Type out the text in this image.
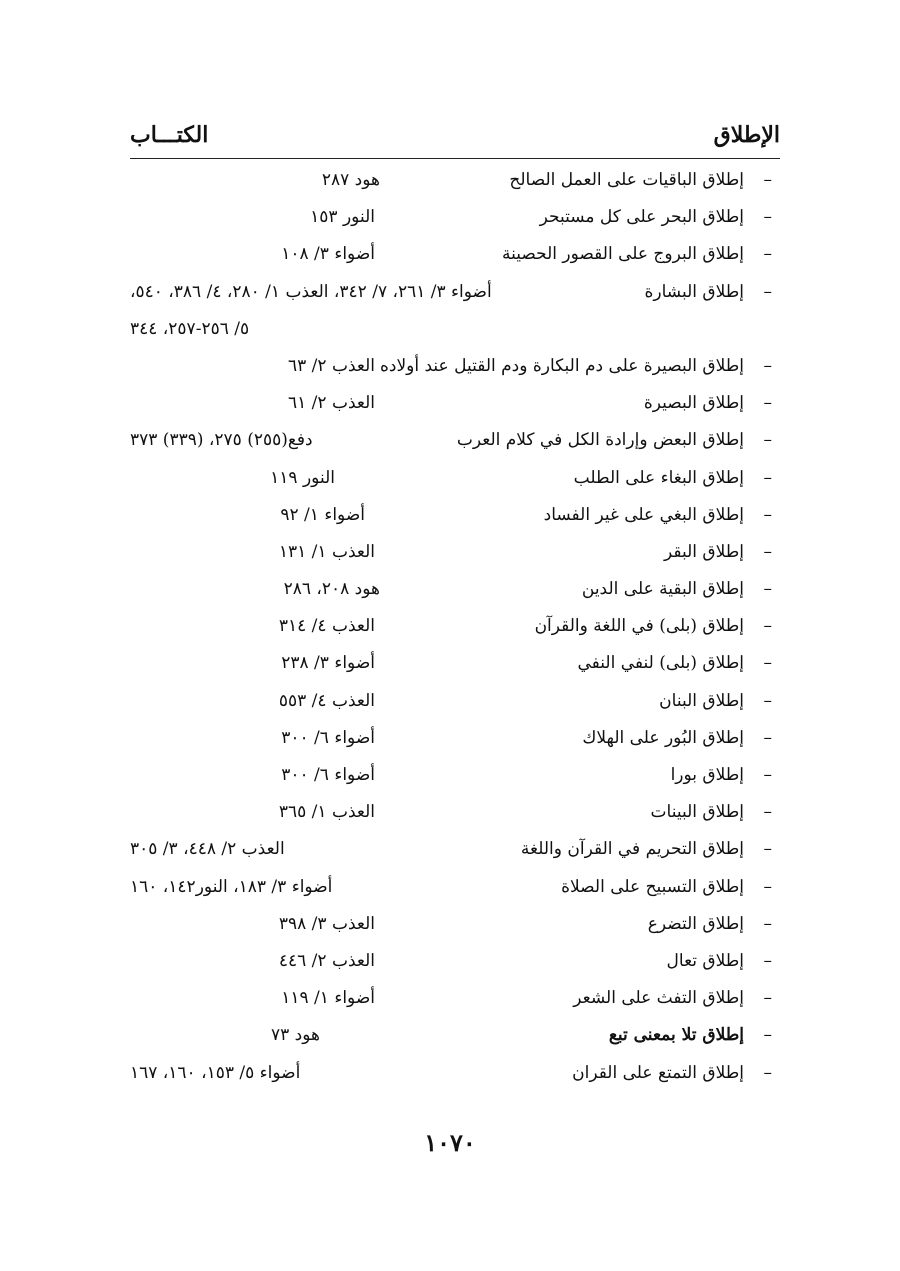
الإطلاق
الكتـــاب
–
إطلاق الباقيات على العمل الصالح
هود ٢٨٧
–
إطلاق البحر على كل مستبحر
النور ١٥٣
–
إطلاق البروج على القصور الحصينة
أضواء ٣/ ١٠٨
–
إطلاق البشارة
أضواء ٣/ ٢٦١، ٧/ ٣٤٢، العذب ١/ ٢٨٠، ٤/ ٣٨٦، ٥٤٠،
٥/ ٢٥٦-٢٥٧، ٣٤٤
–
إطلاق البصيرة على دم البكارة ودم القتيل عند أولاده
العذب ٢/ ٦٣
–
إطلاق البصيرة
العذب ٢/ ٦١
–
إطلاق البعض وإرادة الكل في كلام العرب
دفع(٢٥٥) ٢٧٥، (٣٣٩) ٣٧٣
–
إطلاق البغاء على الطلب
النور ١١٩
–
إطلاق البغي على غير الفساد
أضواء ١/ ٩٢
–
إطلاق البقر
العذب ١/ ١٣١
–
إطلاق البقية على الدين
هود ٢٠٨، ٢٨٦
–
إطلاق (بلى) في اللغة والقرآن
العذب ٤/ ٣١٤
–
إطلاق (بلى) لنفي النفي
أضواء ٣/ ٢٣٨
–
إطلاق البنان
العذب ٤/ ٥٥٣
–
إطلاق البُور على الهلاك
أضواء ٦/ ٣٠٠
–
إطلاق بورا
أضواء ٦/ ٣٠٠
–
إطلاق البينات
العذب ١/ ٣٦٥
–
إطلاق التحريم في القرآن واللغة
العذب ٢/ ٤٤٨، ٣/ ٣٠٥
–
إطلاق التسبيح على الصلاة
أضواء ٣/ ١٨٣، النور١٤٢، ١٦٠
–
إطلاق التضرع
العذب ٣/ ٣٩٨
–
إطلاق تعال
العذب ٢/ ٤٤٦
–
إطلاق التفث على الشعر
أضواء ١/ ١١٩
–
إطلاق تلا بمعنى تبع
هود ٧٣
–
إطلاق التمتع على القران
أضواء ٥/ ١٥٣، ١٦٠، ١٦٧
١٠٧٠
